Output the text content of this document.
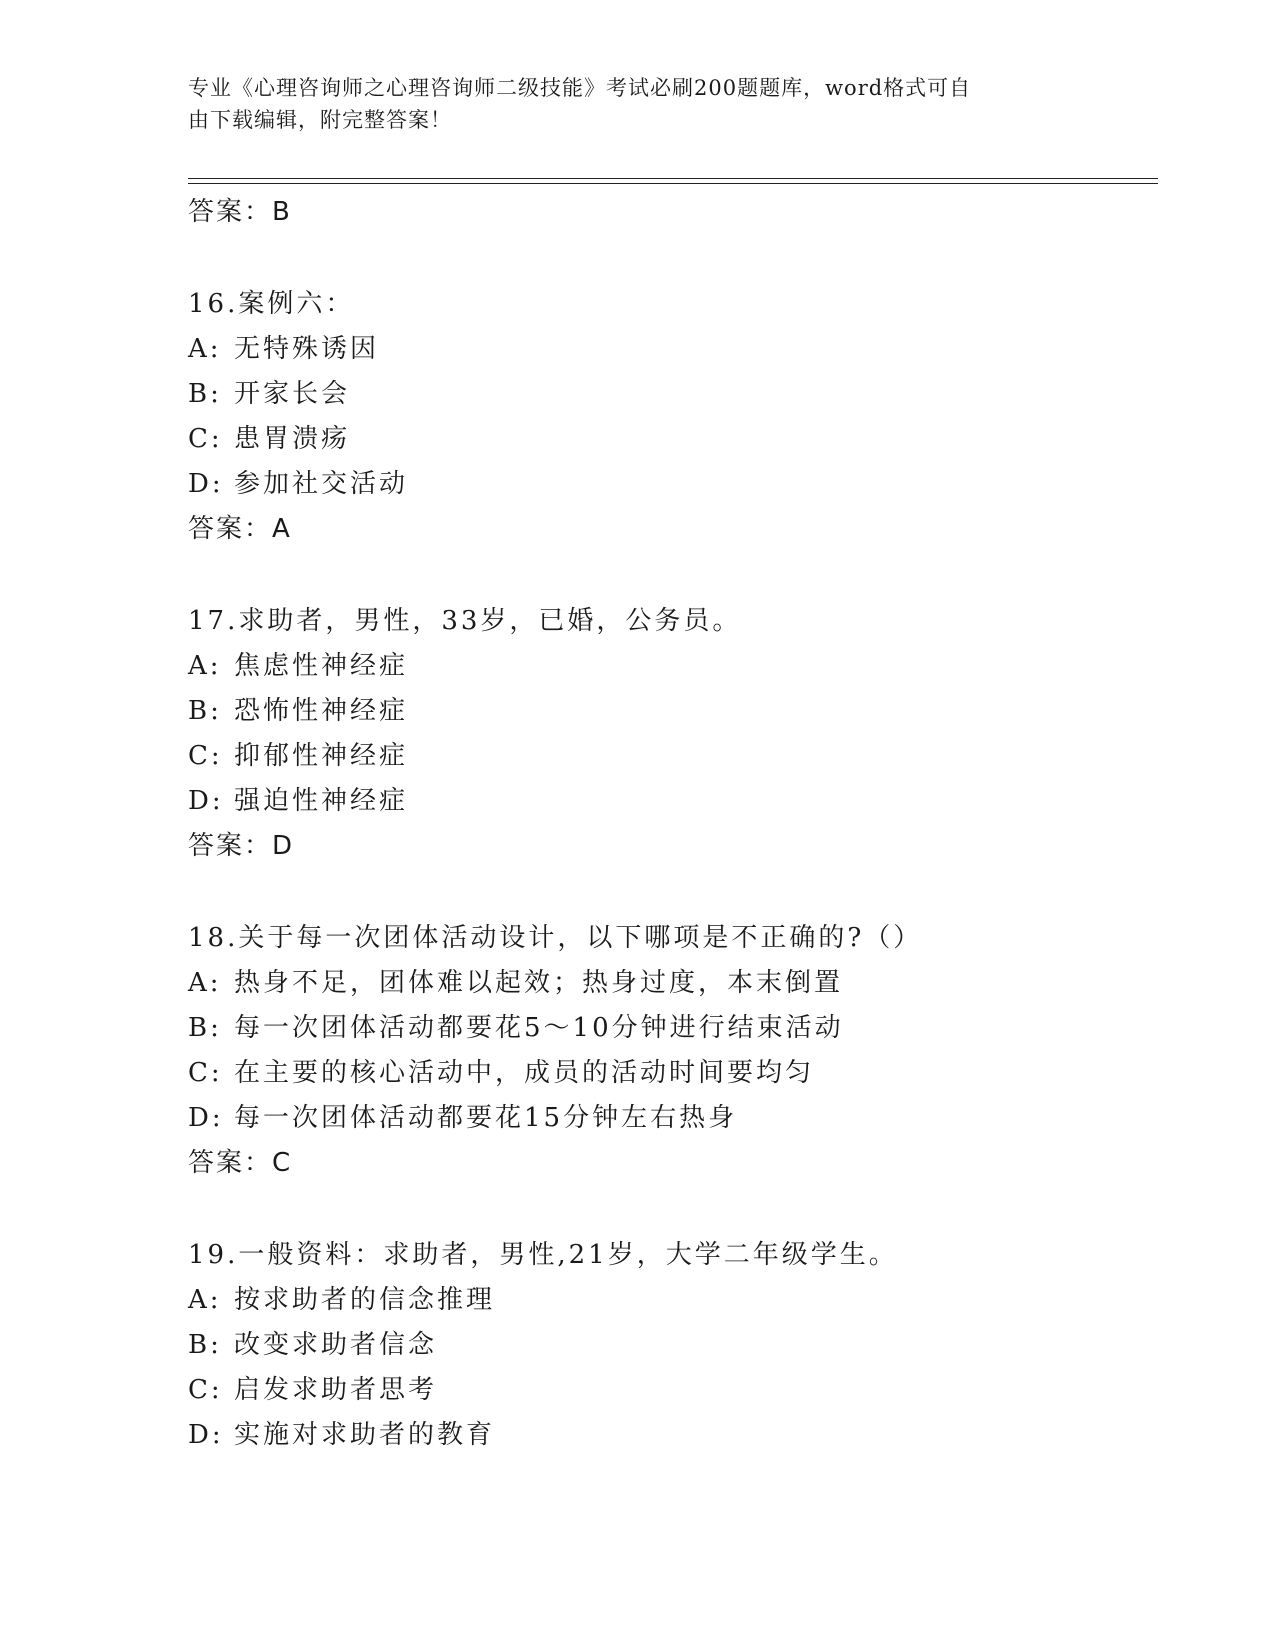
专业《心理咨询师之心理咨询师二级技能》考试必刷200题题库，word格式可自
由下载编辑，附完整答案！
答案：B
16.案例六：
A: 无特殊诱因
B: 开家长会
C: 患胃溃疡
D: 参加社交活动
答案：A
17.求助者，男性，33岁，已婚，公务员。
A: 焦虑性神经症
B: 恐怖性神经症
C: 抑郁性神经症
D: 强迫性神经症
答案：D
18.关于每一次团体活动设计，以下哪项是不正确的?（）
A: 热身不足，团体难以起效；热身过度，本末倒置
B: 每一次团体活动都要花5～10分钟进行结束活动
C: 在主要的核心活动中，成员的活动时间要均匀
D: 每一次团体活动都要花15分钟左右热身
答案：C
19.一般资料：求助者，男性,21岁，大学二年级学生。
A: 按求助者的信念推理
B: 改变求助者信念
C: 启发求助者思考
D: 实施对求助者的教育
